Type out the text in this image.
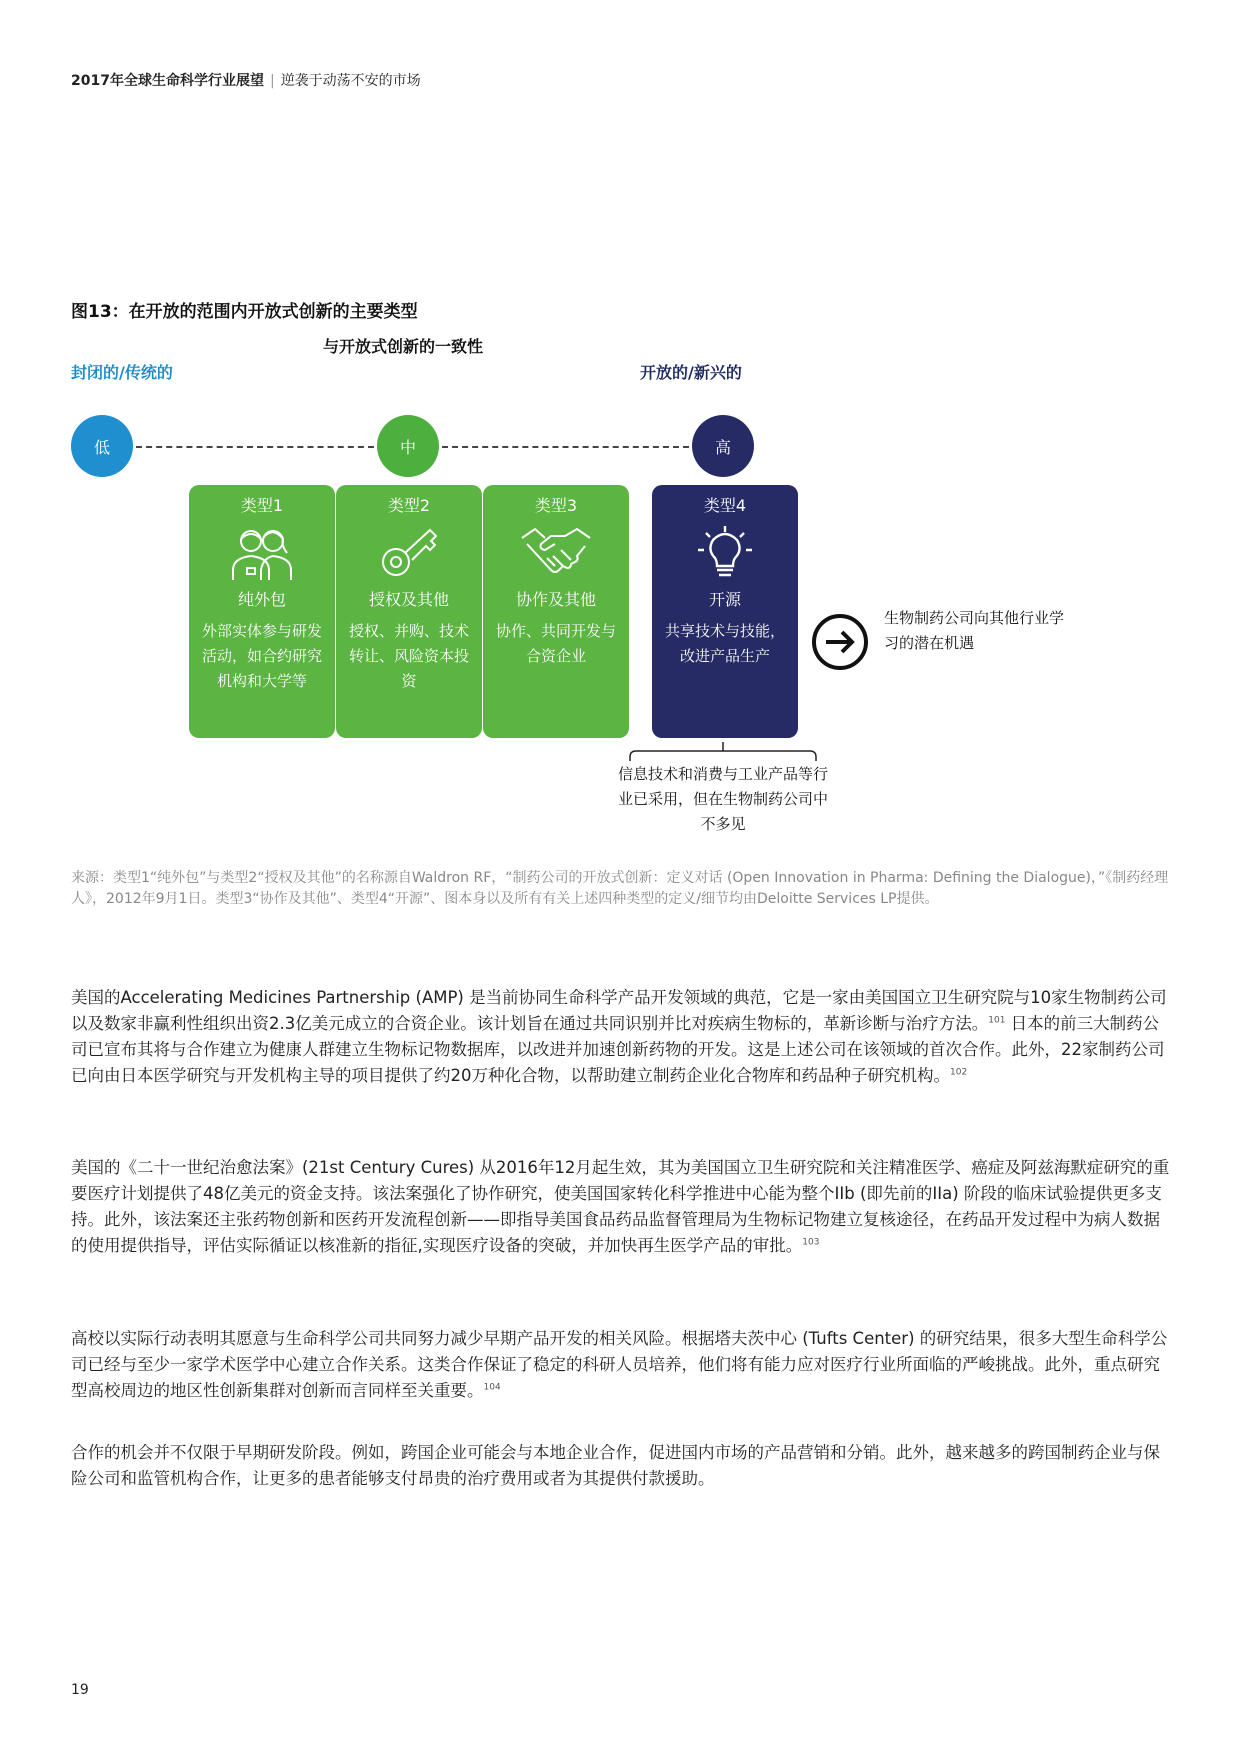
2017年全球生命科学行业展望 | 逆袭于动荡不安的市场
图13：在开放的范围内开放式创新的主要类型
与开放式创新的一致性
封闭的/传统的	开放的/新兴的
低	中	高
类型1
纯外包
外部实体参与研发活动，如合约研究机构和大学等
类型2
授权及其他
授权、并购、技术转让、风险资本投资
类型3
协作及其他
协作、共同开发与合资企业
类型4
开源
共享技术与技能，改进产品生产
生物制药公司向其他行业学习的潜在机遇
信息技术和消费与工业产品等行业已采用，但在生物制药公司中不多见
来源：类型1“纯外包”与类型2“授权及其他”的名称源自Waldron RF，“制药公司的开放式创新：定义对话 (Open Innovation in Pharma: Defining the Dialogue)，”《制药经理人》，2012年9月1日。类型3“协作及其他”、类型4“开源”、图本身以及所有有关上述四种类型的定义/细节均由Deloitte Services LP提供。
美国的Accelerating Medicines Partnership (AMP) 是当前协同生命科学产品开发领域的典范，它是一家由美国国立卫生研究院与10家生物制药公司以及数家非赢利性组织出资2.3亿美元成立的合资企业。该计划旨在通过共同识别并比对疾病生物标的，革新诊断与治疗方法。$^{101}$ 日本的前三大制药公司已宣布其将与合作建立为健康人群建立生物标记物数据库，以改进并加速创新药物的开发。这是上述公司在该领域的首次合作。此外，22家制药公司已向由日本医学研究与开发机构主导的项目提供了约20万种化合物，以帮助建立制药企业化合物库和药品种子研究机构。$^{102}$
美国的《二十一世纪治愈法案》(21st Century Cures) 从2016年12月起生效，其为美国国立卫生研究院和关注精准医学、癌症及阿兹海默症研究的重要医疗计划提供了48亿美元的资金支持。该法案强化了协作研究，使美国国家转化科学推进中心能为整个IIb (即先前的IIa) 阶段的临床试验提供更多支持。此外，该法案还主张药物创新和医药开发流程创新——即指导美国食品药品监督管理局为生物标记物建立复核途径，在药品开发过程中为病人数据的使用提供指导，评估实际循证以核准新的指征,实现医疗设备的突破，并加快再生医学产品的审批。$^{103}$
高校以实际行动表明其愿意与生命科学公司共同努力减少早期产品开发的相关风险。根据塔夫茨中心 (Tufts Center) 的研究结果，很多大型生命科学公司已经与至少一家学术医学中心建立合作关系。这类合作保证了稳定的科研人员培养，他们将有能力应对医疗行业所面临的严峻挑战。此外，重点研究型高校周边的地区性创新集群对创新而言同样至关重要。$^{104}$
合作的机会并不仅限于早期研发阶段。例如，跨国企业可能会与本地企业合作，促进国内市场的产品营销和分销。此外，越来越多的跨国制药企业与保险公司和监管机构合作，让更多的患者能够支付昂贵的治疗费用或者为其提供付款援助。
19
